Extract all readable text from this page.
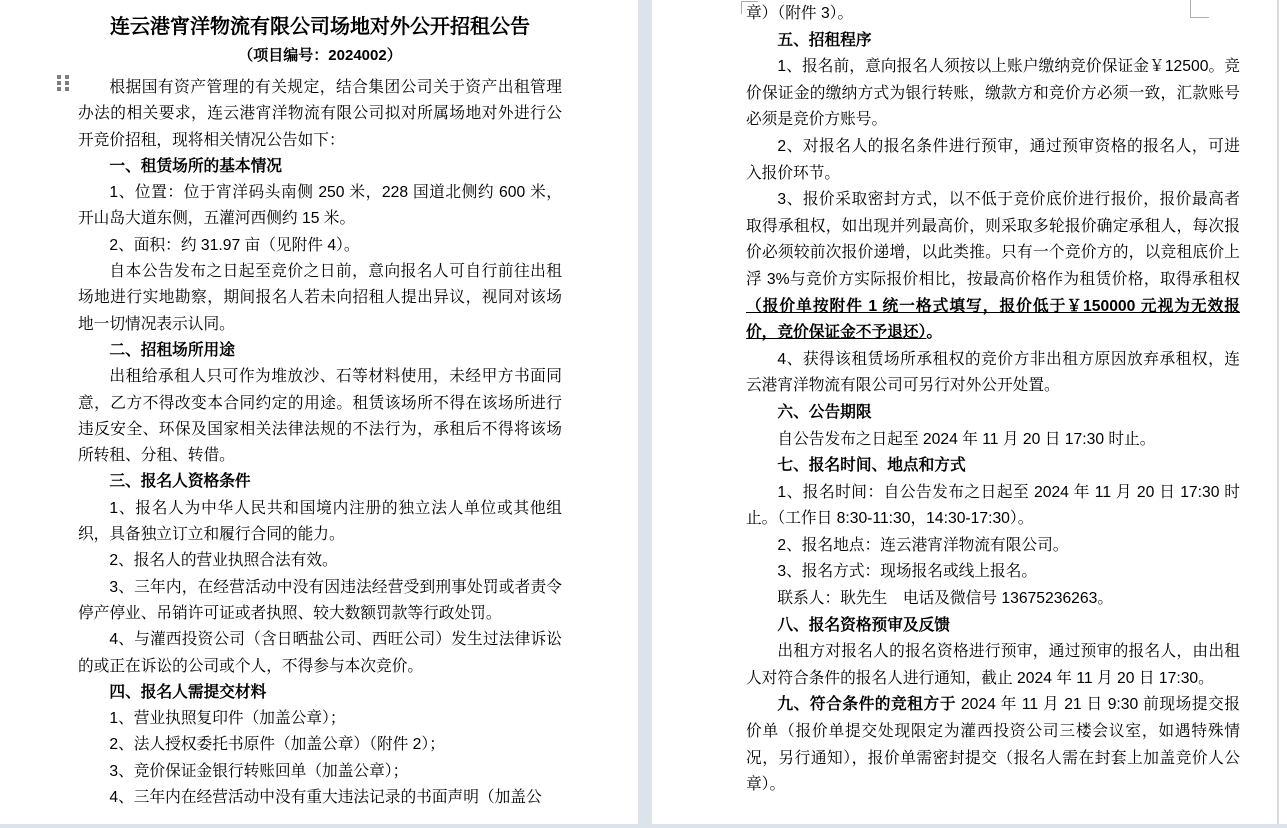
连云港宵洋物流有限公司场地对外公开招租公告
（项目编号：2024002）

根据国有资产管理的有关规定，结合集团公司关于资产出租管理办法的相关要求，连云港宵洋物流有限公司拟对所属场地对外进行公开竞价招租，现将相关情况公告如下：

一、租赁场所的基本情况

1、位置：位于宵洋码头南侧 250 米，228 国道北侧约 600 米，开山岛大道东侧，五灌河西侧约 15 米。

2、面积：约 31.97 亩（见附件 4）。

自本公告发布之日起至竞价之日前，意向报名人可自行前往出租场地进行实地勘察，期间报名人若未向招租人提出异议，视同对该场地一切情况表示认同。

二、招租场所用途

出租给承租人只可作为堆放沙、石等材料使用，未经甲方书面同意，乙方不得改变本合同约定的用途。租赁该场所不得在该场所进行违反安全、环保及国家相关法律法规的不法行为，承租后不得将该场所转租、分租、转借。

三、报名人资格条件

1、报名人为中华人民共和国境内注册的独立法人单位或其他组织，具备独立订立和履行合同的能力。

2、报名人的营业执照合法有效。

3、三年内，在经营活动中没有因违法经营受到刑事处罚或者责令停产停业、吊销许可证或者执照、较大数额罚款等行政处罚。

4、与灌西投资公司（含日晒盐公司、西旺公司）发生过法律诉讼的或正在诉讼的公司或个人，不得参与本次竞价。

四、报名人需提交材料

1、营业执照复印件（加盖公章）；

2、法人授权委托书原件（加盖公章）（附件 2）；

3、竞价保证金银行转账回单（加盖公章）；

4、三年内在经营活动中没有重大违法记录的书面声明（加盖公

章）（附件 3）。

五、招租程序

1、报名前，意向报名人须按以上账户缴纳竞价保证金￥12500。竞价保证金的缴纳方式为银行转账，缴款方和竞价方必须一致，汇款账号必须是竞价方账号。

2、对报名人的报名条件进行预审，通过预审资格的报名人，可进入报价环节。

3、报价采取密封方式，以不低于竞价底价进行报价，报价最高者取得承租权，如出现并列最高价，则采取多轮报价确定承租人，每次报价必须较前次报价递增，以此类推。只有一个竞价方的，以竞租底价上浮 3%与竞价方实际报价相比，按最高价格作为租赁价格，取得承租权（报价单按附件 1 统一格式填写，报价低于￥150000 元视为无效报价，竞价保证金不予退还）。

4、获得该租赁场所承租权的竞价方非出租方原因放弃承租权，连云港宵洋物流有限公司可另行对外公开处置。

六、公告期限

自公告发布之日起至 2024 年 11 月 20 日 17:30 时止。

七、报名时间、地点和方式

1、报名时间：自公告发布之日起至 2024 年 11 月 20 日 17:30 时止。（工作日 8:30-11:30，14:30-17:30）。

2、报名地点：连云港宵洋物流有限公司。

3、报名方式：现场报名或线上报名。

联系人：耿先生　电话及微信号 13675236263。

八、报名资格预审及反馈

出租方对报名人的报名资格进行预审，通过预审的报名人，由出租人对符合条件的报名人进行通知，截止 2024 年 11 月 20 日 17:30。

九、符合条件的竞租方于 2024 年 11 月 21 日 9:30 前现场提交报价单（报价单提交处现限定为灌西投资公司三楼会议室，如遇特殊情况，另行通知），报价单需密封提交（报名人需在封套上加盖竞价人公章）。
